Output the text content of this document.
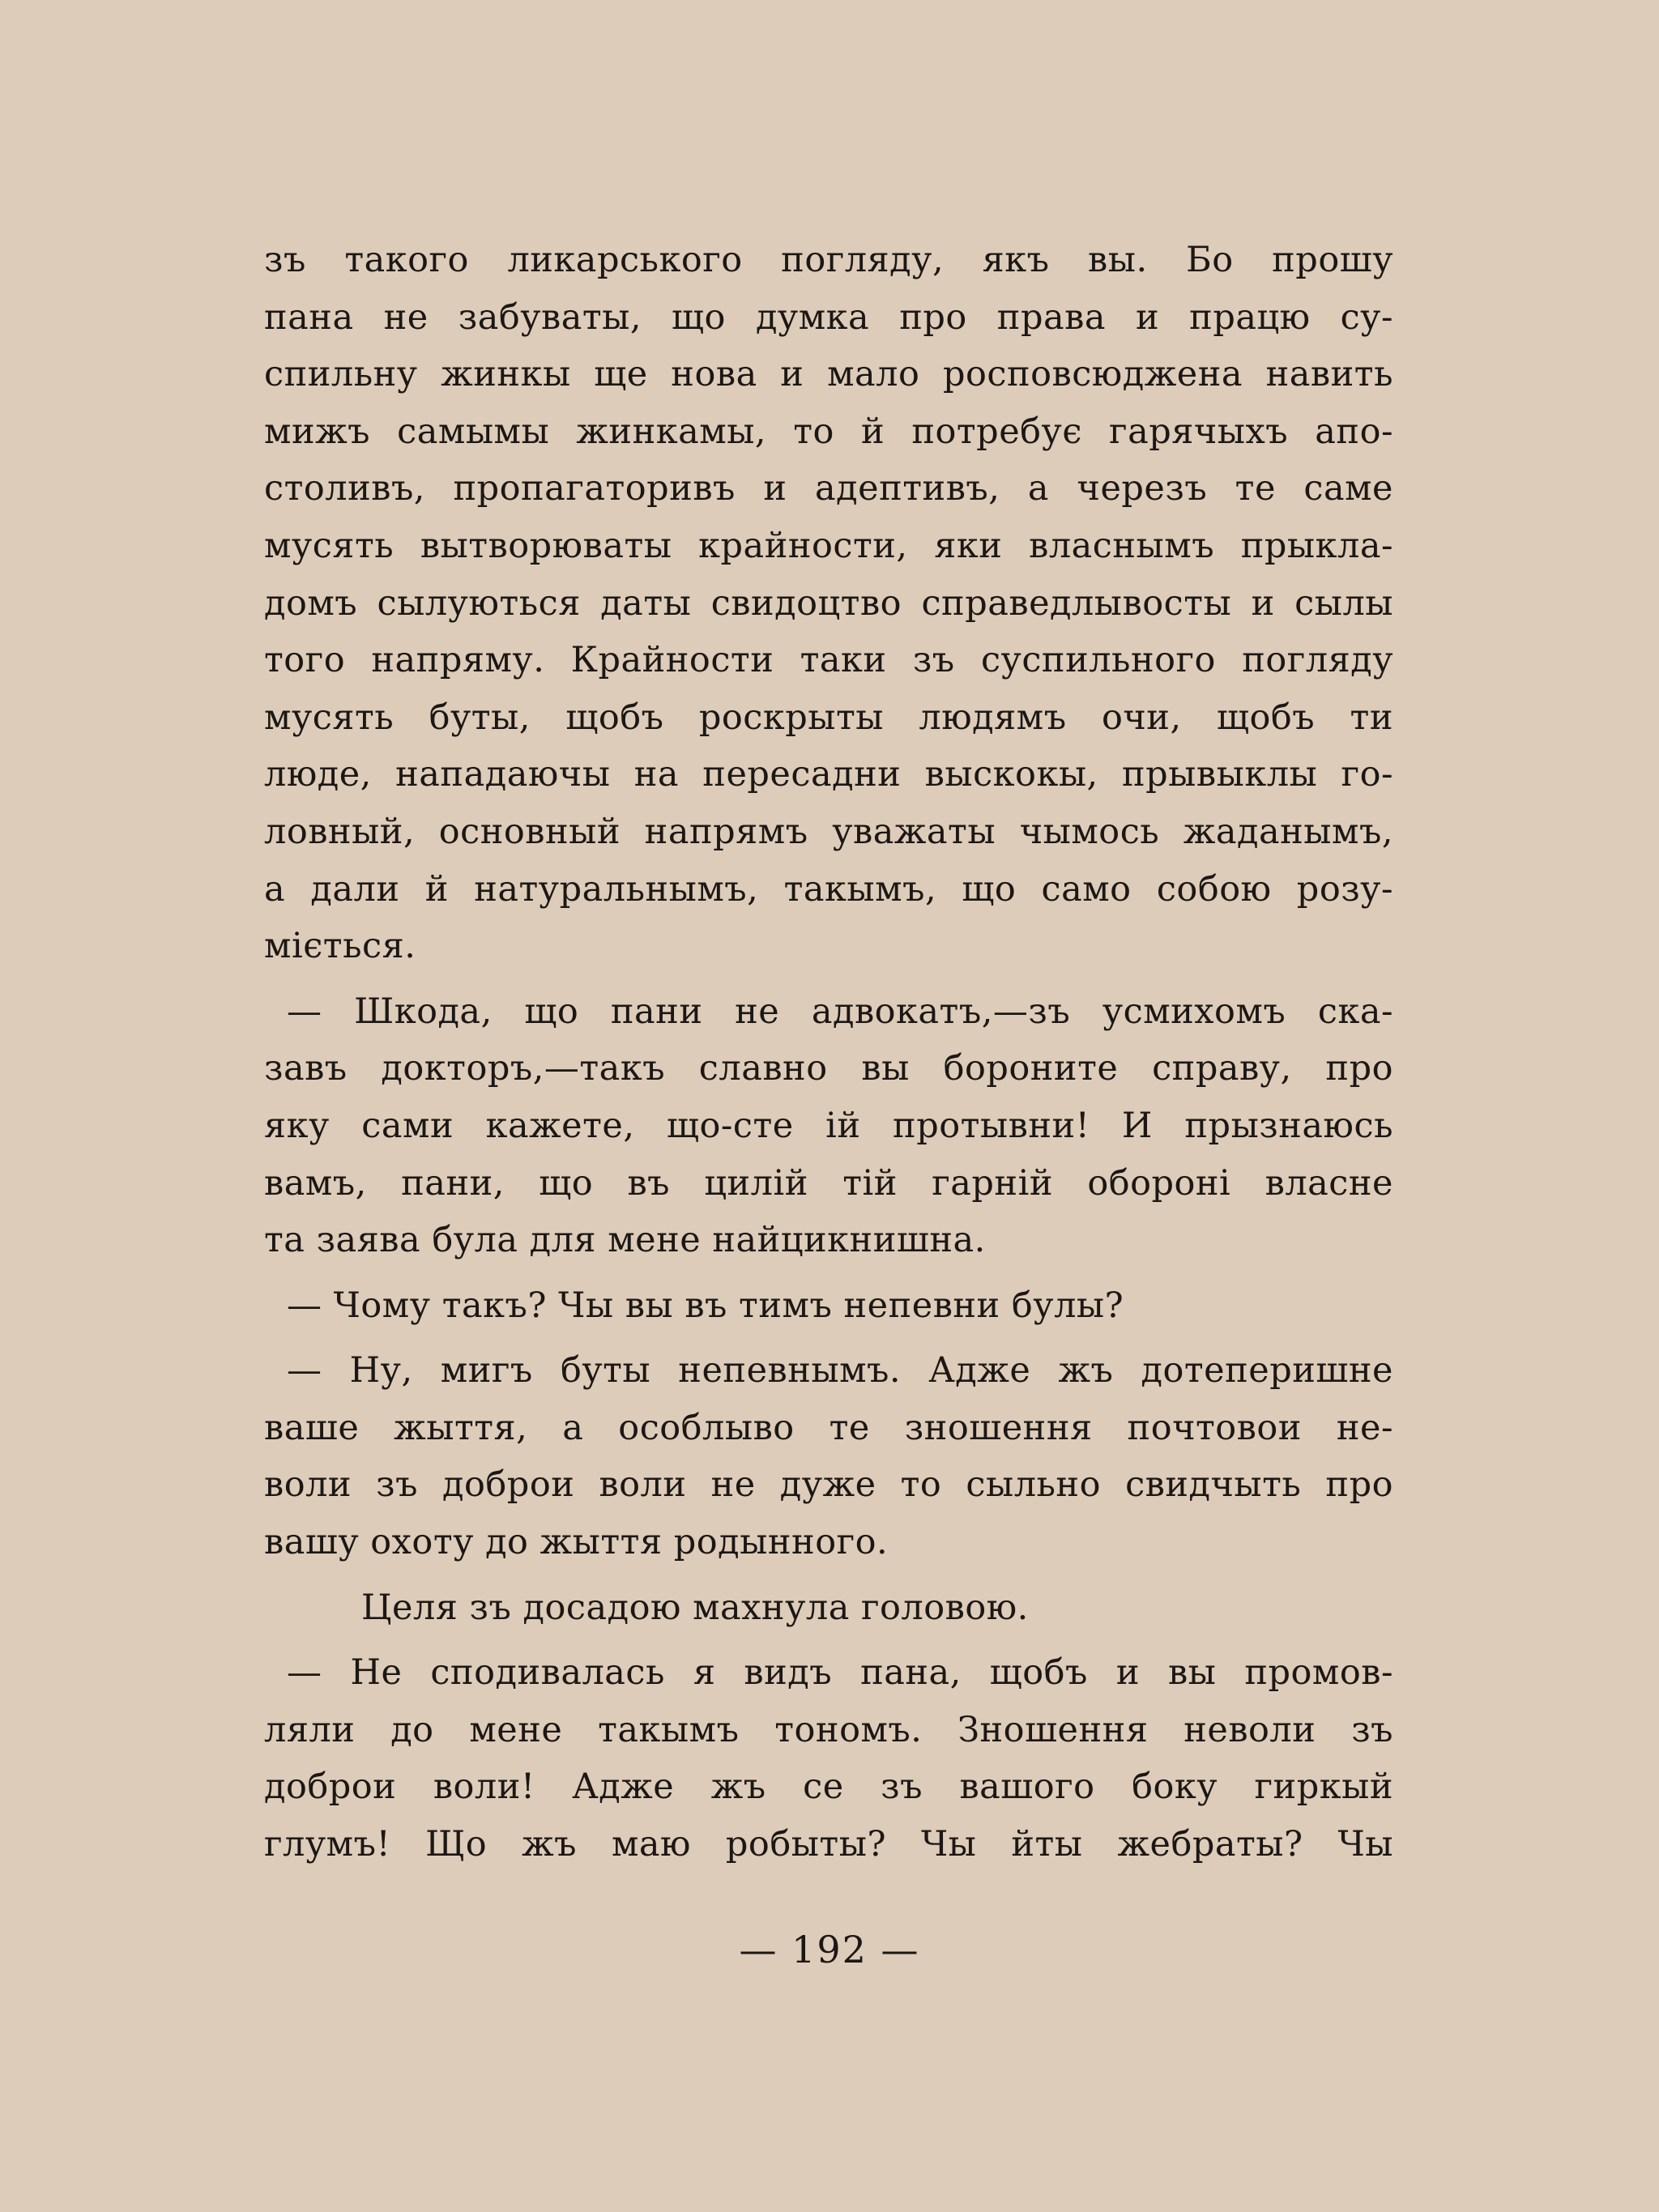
зъ такого ликарського погляду, якъ вы. Бо прошу
пана не забуваты, що думка про права и працю су-
спильну жинкы ще нова и мало росповсюджена навить
мижъ самымы жинкамы, то й потребує гарячыхъ апо-
столивъ, пропагаторивъ и адептивъ, а черезъ те саме
мусять вытворюваты крайности, яки власнымъ прыкла-
домъ сылуються даты свидоцтво справедлывосты и сылы
того напряму. Крайности таки зъ суспильного погляду
мусять буты, щобъ роскрыты людямъ очи, щобъ ти
люде, нападаючы на пересадни выскокы, прывыклы го-
ловный, основный напрямъ уважаты чымось жаданымъ,
а дали й натуральнымъ, такымъ, що само собою розу-
міється.
— Шкода, що пани не адвокатъ,—зъ усмихомъ ска-
завъ докторъ,—такъ славно вы бороните справу, про
яку сами кажете, що-сте ій протывни! И прызнаюсь
вамъ, пани, що въ цилій тій гарній обороні власне
та заява була для мене найцикнишна.
— Чому такъ? Чы вы въ тимъ непевни булы?
— Ну, мигъ буты непевнымъ. Адже жъ дотеперишне
ваше жыття, а особлыво те зношення почтовои не-
воли зъ доброи воли не дуже то сыльно свидчыть про
вашу охоту до жыття родынного.
Целя зъ досадою махнула головою.
— Не сподивалась я видъ пана, щобъ и вы промов-
ляли до мене такымъ тономъ. Зношення неволи зъ
доброи воли! Адже жъ се зъ вашого боку гиркый
глумъ! Що жъ маю робыты? Чы йты жебраты? Чы
— 192 —
